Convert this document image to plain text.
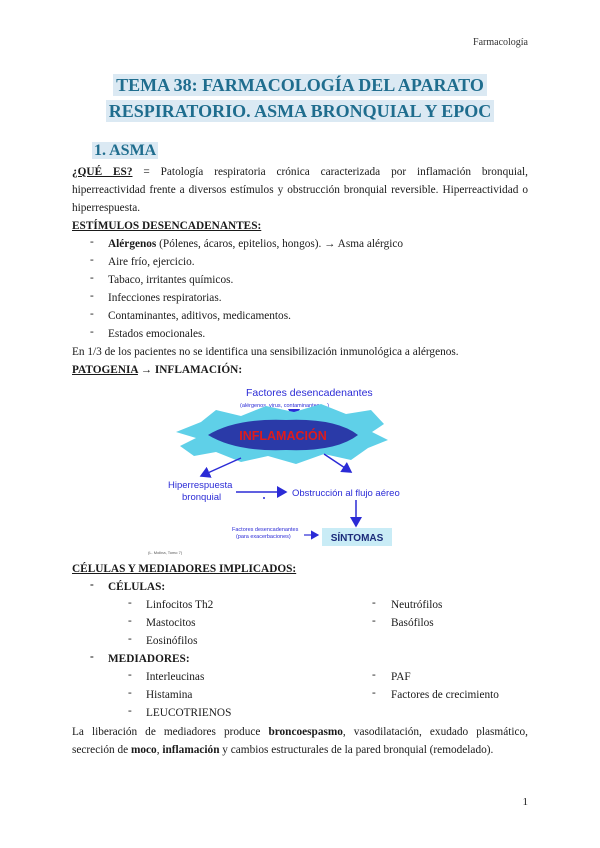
Farmacología
TEMA 38: FARMACOLOGÍA DEL APARATO
RESPIRATORIO. ASMA BRONQUIAL Y EPOC
1. ASMA
¿QUÉ ES? = Patología respiratoria crónica caracterizada por inflamación bronquial,
hiperreactividad frente a diversos estímulos y obstrucción bronquial reversible. Hiperreactividad o
hiperrespuesta.
ESTÍMULOS DESENCADENANTES:
- Alérgenos (Pólenes, ácaros, epitelios, hongos). → Asma alérgico
- Aire frío, ejercicio.
- Tabaco, irritantes químicos.
- Infecciones respiratorias.
- Contaminantes, aditivos, medicamentos.
- Estados emocionales.
En 1/3 de los pacientes no se identifica una sensibilización inmunológica a alérgenos.
PATOGENIA → INFLAMACIÓN:
Factores desencadenantes
(alérgenos, virus, contaminantes, ...)
INFLAMACIÓN
Hiperrespuesta
bronquial	Obstrucción al flujo aéreo
Factores desencadenantes
(para exacerbaciones)	SÍNTOMAS
(L. Molina, Tomo 7)
CÉLULAS Y MEDIADORES IMPLICADOS:
- CÉLULAS:
- Linfocitos Th2	- Neutrófilos
- Mastocitos	- Basófilos
- Eosinófilos
- MEDIADORES:
- Interleucinas	- PAF
- Histamina	- Factores de crecimiento
- LEUCOTRIENOS
La liberación de mediadores produce broncoespasmo, vasodilatación, exudado plasmático,
secreción de moco, inflamación y cambios estructurales de la pared bronquial (remodelado).
1
